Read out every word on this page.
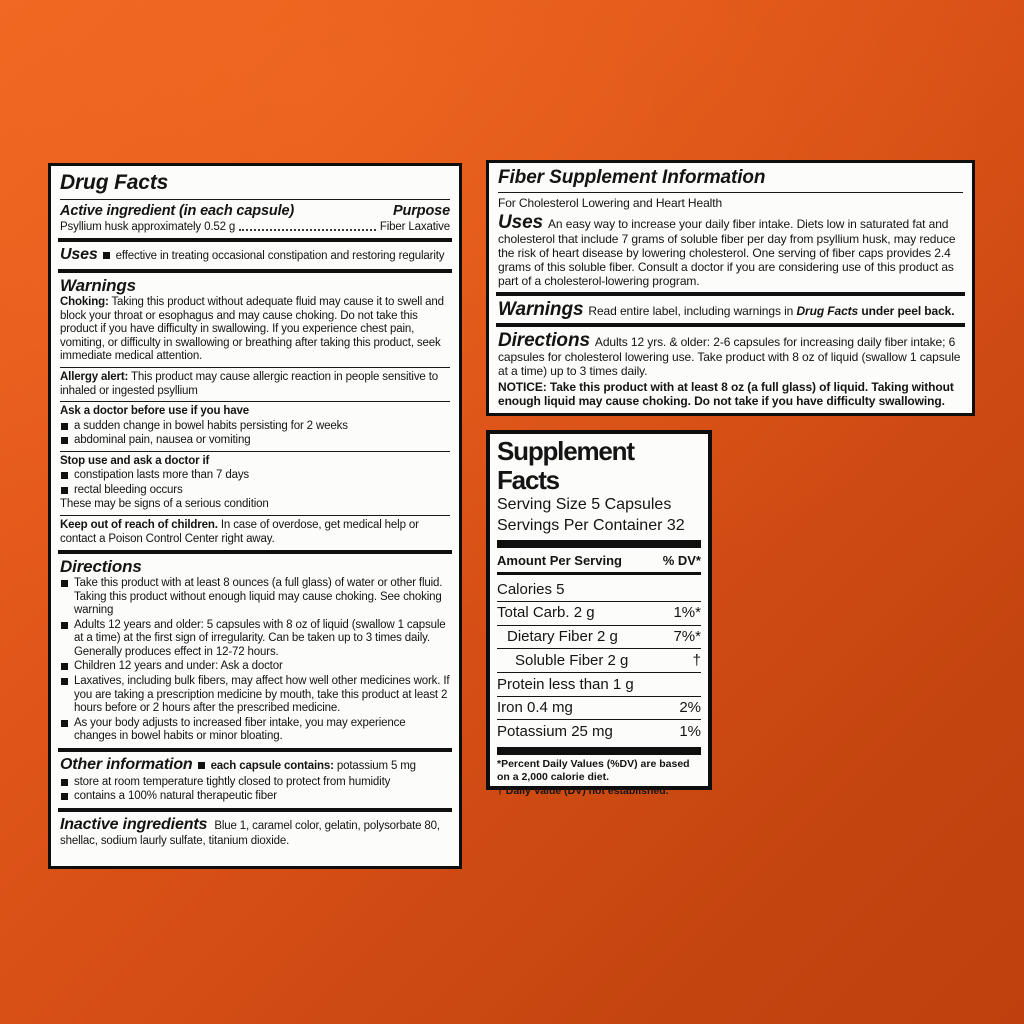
Drug Facts
Active ingredient (in each capsule)	Purpose
Psyllium husk approximately 0.52 g	Fiber Laxative
Uses effective in treating occasional constipation and restoring regularity
Warnings

Choking: Taking this product without adequate fluid may cause it to swell and block your throat or esophagus and may cause choking. Do not take this product if you have difficulty in swallowing. If you experience chest pain, vomiting, or difficulty in swallowing or breathing after taking this product, seek immediate medical attention.

Allergy alert: This product may cause allergic reaction in people sensitive to inhaled or ingested psyllium

Ask a doctor before use if you have
a sudden change in bowel habits persisting for 2 weeks
abdominal pain, nausea or vomiting
Stop use and ask a doctor if
constipation lasts more than 7 days
rectal bleeding occurs

These may be signs of a serious condition

Keep out of reach of children. In case of overdose, get medical help or contact a Poison Control Center right away.

Directions
Take this product with at least 8 ounces (a full glass) of water or other fluid. Taking this product without enough liquid may cause choking. See choking warning
Adults 12 years and older: 5 capsules with 8 oz of liquid (swallow 1 capsule at a time) at the first sign of irregularity. Can be taken up to 3 times daily. Generally produces effect in 12-72 hours.
Children 12 years and under: Ask a doctor
Laxatives, including bulk fibers, may affect how well other medicines work. If you are taking a prescription medicine by mouth, take this product at least 2 hours before or 2 hours after the prescribed medicine.
As your body adjusts to increased fiber intake, you may experience changes in bowel habits or minor bloating.
Other information each capsule contains: potassium 5 mg
store at room temperature tightly closed to protect from humidity
contains a 100% natural therapeutic fiber

Inactive ingredients Blue 1, caramel color, gelatin, polysorbate 80, shellac, sodium laurly sulfate, titanium dioxide.

Fiber Supplement Information
For Cholesterol Lowering and Heart Health

Uses An easy way to increase your daily fiber intake. Diets low in saturated fat and cholesterol that include 7 grams of soluble fiber per day from psyllium husk, may reduce the risk of heart disease by lowering cholesterol. One serving of fiber caps provides 2.4 grams of this soluble fiber. Consult a doctor if you are considering use of this product as part of a cholesterol-lowering program.

Warnings Read entire label, including warnings in Drug Facts under peel back.

Directions Adults 12 yrs. & older: 2-6 capsules for increasing daily fiber intake; 6 capsules for cholesterol lowering use. Take product with 8 oz of liquid (swallow 1 capsule at a time) up to 3 times daily.

NOTICE: Take this product with at least 8 oz (a full glass) of liquid. Taking without enough liquid may cause choking. Do not take if you have difficulty swallowing.

Supplement Facts
Serving Size 5 Capsules
Servings Per Container 32
Amount Per Serving	% DV*
Calories 5
Total Carb. 2 g	1%*
Dietary Fiber 2 g	7%*
Soluble Fiber 2 g	†
Protein less than 1 g
Iron 0.4 mg	2%
Potassium 25 mg	1%
*Percent Daily Values (%DV) are based on a 2,000 calorie diet.
† Daily Value (DV) not established.
